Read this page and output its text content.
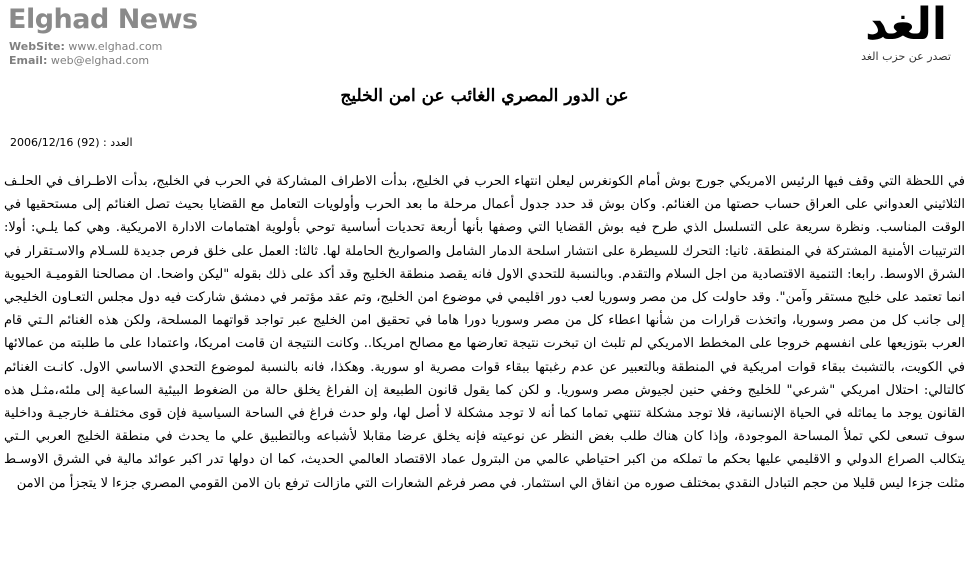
Elghad News
WebSite: www.elghad.com
Email: web@elghad.com
الغد
تصدر عن حزب الغد
عن الدور المصري الغائب عن امن الخليج
2006/12/16 (92) : العدد
في اللحظة التي وقف فيها الرئيس الامريكي جورج بوش أمام الكونغرس ليعلن انتهاء الحرب في الخليج، بدأت الاطراف المشاركة في الحرب في الخليج، بدأت الاطـراف في الحلـف الثلاثيني العدواني على العراق حساب حصتها من الغنائم. وكان بوش قد حدد جدول أعمال مرحلة ما بعد الحرب وأولويات التعامل مع القضايا بحيث تصل الغنائم إلى مستحقيها في الوقت المناسب. ونظرة سريعة على التسلسل الذي طرح فيه بوش القضايا التي وصفها بأنها أربعة تحديات أساسية توحي بأولوية اهتمامات الادارة الامريكية. وهي كما يلـي: أولا: الترتيبات الأمنية المشتركة في المنطقة. ثانيا: التحرك للسيطرة على انتشار اسلحة الدمار الشامل والصواريخ الحاملة لها. ثالثا: العمل على خلق فرص جديدة للسـلام والاسـتقرار في الشرق الاوسط. رابعا: التنمية الاقتصادية من اجل السلام والتقدم. وبالنسبة للتحدي الاول فانه يقصد منطقة الخليج وقد أكد على ذلك بقوله "ليكن واضحا. ان مصالحنا القوميـة الحيوية انما تعتمد على خليج مستقر وآمن". وقد حاولت كل من مصر وسوريا لعب دور اقليمي في موضوع امن الخليج، وتم عقد مؤتمر في دمشق شاركت فيه دول مجلس التعـاون الخليجي إلى جانب كل من مصر وسوريا، واتخذت قرارات من شأنها اعطاء كل من مصر وسوريا دورا هاما في تحقيق امن الخليج عبر تواجد قواتهما المسلحة، ولكن هذه الغنائم الـتي قام العرب بتوزيعها على انفسهم خروجا على المخطط الامريكي لم تلبث ان تبخرت نتيجة تعارضها مع مصالح امريكا.. وكانت النتيجة ان قامت امريكا، واعتمادا على ما طلبته من عمالائها في الكويت، بالتشبث ببقاء قوات امريكية في المنطقة وبالتعبير عن عدم رغبتها ببقاء قوات مصرية او سورية. وهكذا، فانه بالنسبة لموضوع التحدي الاساسي الاول. كانـت الغنائم كالتالي: احتلال امريكي "شرعي" للخليج وخفي حنين لجيوش مصر وسوريا. و لكن كما يقول قانون الطبيعة إن الفراغ يخلق حالة من الضغوط البيئية الساعية إلى ملئه،مثـل هذه القانون يوجد ما يماثله في الحياة الإنسانية، فلا توجد مشكلة تنتهي تماما كما أنه لا توجد مشكلة لا أصل لها، ولو حدث فراغ في الساحة السياسية فإن قوى مختلفـة خارجيـة وداخلية سوف تسعى لكي تملأ المساحة الموجودة، وإذا كان هناك طلب بغض النظر عن نوعيته فإنه يخلق عرضا مقابلا لأشباعه وبالتطبيق علي ما يحدث في منطقة الخليج العربي الـتي يتكالب الصراع الدولي و الاقليمي عليها بحكم ما تملكه من اكبر احتياطي عالمي من البترول عماد الاقتصاد العالمي الحديث، كما ان دولها تدر اكبر عوائد مالية في الشرق الاوسـط مثلت جزءا ليس قليلا من حجم التبادل النقدي بمختلف صوره من انفاق الي استثمار. في مصر فرغم الشعارات التي مازالت ترفع بان الامن القومي المصري جزءا لا يتجزأ من الامن
